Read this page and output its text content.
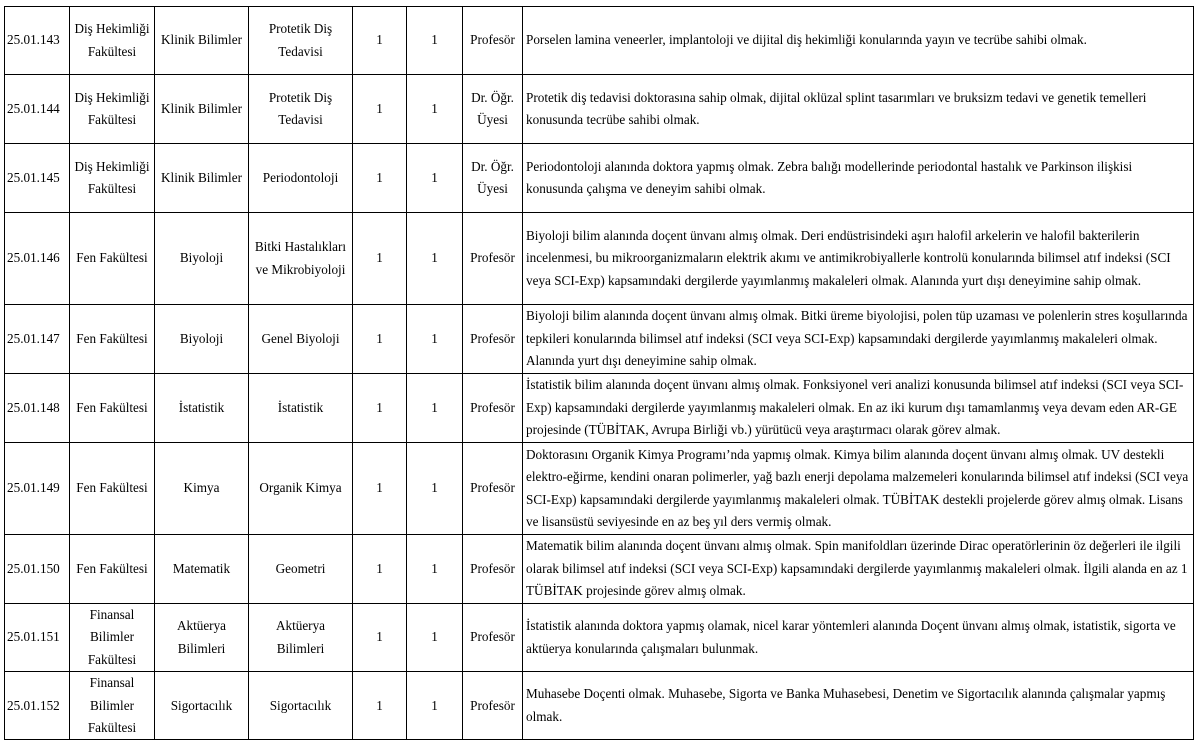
25.01.143	Diş Hekimliği Fakültesi	Klinik Bilimler	Protetik Diş Tedavisi	1	1	Profesör	Porselen lamina veneerler, implantoloji ve dijital diş hekimliği konularında yayın ve tecrübe sahibi olmak.
25.01.144	Diş Hekimliği Fakültesi	Klinik Bilimler	Protetik Diş Tedavisi	1	1	Dr. Öğr. Üyesi	Protetik diş tedavisi doktorasına sahip olmak, dijital oklüzal splint tasarımları ve bruksizm tedavi ve genetik temelleri konusunda tecrübe sahibi olmak.
25.01.145	Diş Hekimliği Fakültesi	Klinik Bilimler	Periodontoloji	1	1	Dr. Öğr. Üyesi	Periodontoloji alanında doktora yapmış olmak. Zebra balığı modellerinde periodontal hastalık ve Parkinson ilişkisi konusunda çalışma ve deneyim sahibi olmak.
25.01.146	Fen Fakültesi	Biyoloji	Bitki Hastalıkları ve Mikrobiyoloji	1	1	Profesör	Biyoloji bilim alanında doçent ünvanı almış olmak. Deri endüstrisindeki aşırı halofil arkelerin ve halofil bakterilerin incelenmesi, bu mikroorganizmaların elektrik akımı ve antimikrobiyallerle kontrolü konularında bilimsel atıf indeksi (SCI veya SCI-Exp) kapsamındaki dergilerde yayımlanmış makaleleri olmak. Alanında yurt dışı deneyimine sahip olmak.
25.01.147	Fen Fakültesi	Biyoloji	Genel Biyoloji	1	1	Profesör	Biyoloji bilim alanında doçent ünvanı almış olmak. Bitki üreme biyolojisi, polen tüp uzaması ve polenlerin stres koşullarında tepkileri konularında bilimsel atıf indeksi (SCI veya SCI-Exp) kapsamındaki dergilerde yayımlanmış makaleleri olmak. Alanında yurt dışı deneyimine sahip olmak.
25.01.148	Fen Fakültesi	İstatistik	İstatistik	1	1	Profesör	İstatistik bilim alanında doçent ünvanı almış olmak. Fonksiyonel veri analizi konusunda bilimsel atıf indeksi (SCI veya SCI-Exp) kapsamındaki dergilerde yayımlanmış makaleleri olmak. En az iki kurum dışı tamamlanmış veya devam eden AR-GE projesinde (TÜBİTAK, Avrupa Birliği vb.) yürütücü veya araştırmacı olarak görev almak.
25.01.149	Fen Fakültesi	Kimya	Organik Kimya	1	1	Profesör	Doktorasını Organik Kimya Programı’nda yapmış olmak. Kimya bilim alanında doçent ünvanı almış olmak. UV destekli elektro-eğirme, kendini onaran polimerler, yağ bazlı enerji depolama malzemeleri konularında bilimsel atıf indeksi (SCI veya SCI-Exp) kapsamındaki dergilerde yayımlanmış makaleleri olmak. TÜBİTAK destekli projelerde görev almış olmak. Lisans ve lisansüstü seviyesinde en az beş yıl ders vermiş olmak.
25.01.150	Fen Fakültesi	Matematik	Geometri	1	1	Profesör	Matematik bilim alanında doçent ünvanı almış olmak. Spin manifoldları üzerinde Dirac operatörlerinin öz değerleri ile ilgili olarak bilimsel atıf indeksi (SCI veya SCI-Exp) kapsamındaki dergilerde yayımlanmış makaleleri olmak. İlgili alanda en az 1 TÜBİTAK projesinde görev almış olmak.
25.01.151	Finansal Bilimler Fakültesi	Aktüerya Bilimleri	Aktüerya Bilimleri	1	1	Profesör	İstatistik alanında doktora yapmış olamak, nicel karar yöntemleri alanında Doçent ünvanı almış olmak, istatistik, sigorta ve aktüerya konularında çalışmaları bulunmak.
25.01.152	Finansal Bilimler Fakültesi	Sigortacılık	Sigortacılık	1	1	Profesör	Muhasebe Doçenti olmak. Muhasebe, Sigorta ve Banka Muhasebesi, Denetim ve Sigortacılık alanında çalışmalar yapmış olmak.
